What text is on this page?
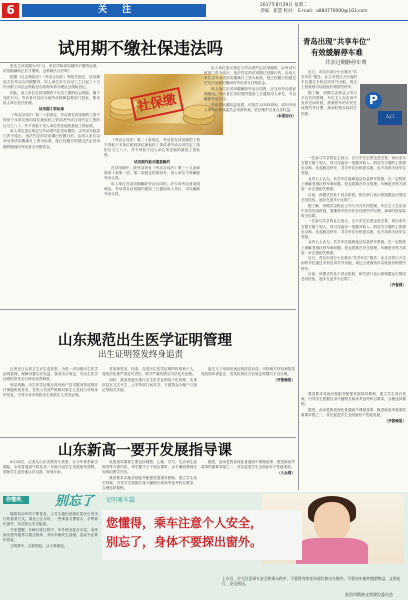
6	关 注	2017年8月29日 星期二
责编：崔慧 校对： E-mail：a884770000@163.com
试用期不缴社保违法吗
社保缴

张先生试用期为3个月，单位声称试用期内不缴纳社保，试用期满转正后才缴纳，这种做法合法吗？

根据《社会保险法》《劳动合同法》等相关规定，试用期包含在劳动合同期限内，用人单位应当自用工之日起三十日内为职工向社会保险经办机构申请办理社会保险登记。

因此，用人单位在试用期内不为员工缴纳社会保险，属于违法行为。劳动者可以向当地劳动保障监察部门投诉，要求用人单位依法补缴。

试用期工资标准

《劳动合同法》第二十条规定，劳动者在试用期的工资不得低于本单位相同岗位最低档工资或者劳动合同约定工资的百分之八十，并不得低于用人单位所在地的最低工资标准。

用人单位违反规定与劳动者约定试用期的，由劳动行政部门责令改正；违法约定的试用期已经履行的，由用人单位以劳动者试用期满月工资为标准，按已经履行的超过法定试用期的期间向劳动者支付赔偿金。

《劳动合同法》第二十条规定，劳动者在试用期的工资不得低于本单位相同岗位最低档工资或者劳动合同约定工资的百分之八十，并不得低于用人单位所在地的最低工资标准。

试用期内能否随意解约

在试用期中，除劳动者有《劳动合同法》第三十九条和第四十条第一项、第二项规定的情形外，用人单位不得解除劳动合同。

用人单位在试用期解除劳动合同的，应当向劳动者说明理由。劳动者在试用期内提前三日通知用人单位，可以解除劳动合同。

用人单位违反规定与劳动者约定试用期的，由劳动行政部门责令改正；违法约定的试用期已经履行的，由用人单位以劳动者试用期满月工资为标准，按已经履行的超过法定试用期的期间向劳动者支付赔偿金。

用人单位在试用期解除劳动合同的，应当向劳动者说明理由。劳动者在试用期内提前三日通知用人单位，可以解除劳动合同。

劳动者如遇权益受损，可拨打12333咨询，或向劳动人事争议仲裁委员会申请仲裁，依法维护自身合法权益。

（本报综合）

青岛出现“共享车位”
有效缓解停车难
共享过剩静停车费
P
入口

近日，青岛市部分小区推出“共享车位”服务，业主可将白天空闲的车位通过手机应用对外出租，周边上班族则可以较低价格预约停车。

据了解，该模式由物业公司与平台共同管理，车位主人在应用中发布空闲时段，需要停车的市民在线预约并付费，离场时按实际时长结算。

一位参与共享的业主表示，白天车位空着也是空着，拿出来共享既方便了别人，每月还能有一笔额外收入。附近写字楼的上班族也反映，比起路边停车，共享车位价格更实惠，也不用再为找车位发愁。

业内人士认为，共享车位能够盘活存量停车资源，在一定程度上缓解老城区停车难问题，但也需要在安全管理、车辆进出等方面进一步完善相关制度。

目前，该模式仍处于试点阶段，相关部门表示将根据运行情况总结经验，逐步在更多小区推广。

据了解，该模式由物业公司与平台共同管理，车位主人在应用中发布空闲时段，需要停车的市民在线预约并付费，离场时按实际时长结算。

一位参与共享的业主表示，白天车位空着也是空着，拿出来共享既方便了别人，每月还能有一笔额外收入。附近写字楼的上班族也反映，比起路边停车，共享车位价格更实惠，也不用再为找车位发愁。

业内人士认为，共享车位能够盘活存量停车资源，在一定程度上缓解老城区停车难问题，但也需要在安全管理、车辆进出等方面进一步完善相关制度。

近日，青岛市部分小区推出“共享车位”服务，业主可将白天空闲的车位通过手机应用对外出租，周边上班族则可以较低价格预约停车。

目前，该模式仍处于试点阶段，相关部门表示将根据运行情况总结经验，逐步在更多小区推广。

（齐鲁网）

山东规范出生医学证明管理
出生证明签发终身追责

记者近日从省卫生计生委获悉，为进一步加强出生医学证明管理，保障母婴合法权益，我省出台规定，对出生医学证明的签发实行终身追责制度。

规定明确，出生医学证明由具有助产技术服务资质的医疗保健机构签发，签发人员须严格核对新生儿及其父母的身份信息，不得为非本机构出生的新生儿签发证明。

对违规签发、伪造、变造出生医学证明的机构和个人，将依法依规严肃追究责任，情节严重的移交司法机关处理。

同时，我省将逐步推行出生医学证明电子化管理，实现信息在卫生计生、公安等部门间共享，方便群众办理户口登记等相关手续。

新生儿父母如发现证明信息有误，可持相关材料到原签发机构申请更正，签发机构应当在规定时限内予以办理。

（齐鲁晚报）

山东新高一要开发展指导课

8月28日，记者从山东省教育厅获悉，自今年秋季新学期起，全省普通高中将在高一年级开设学生发展指导课程，帮助学生更好地认识自我、规划未来。

发展指导课程主要包括理想、心理、学习、生活和生涯规划等方面内容，每学期不少于规定课时，由专兼职教师共同承担教学任务。

我省要求各地各校配齐配强发展指导教师，建立学生成长档案，引导学生根据自身兴趣特长和高考选考科目要求，合理选择课程。

据悉，此举是我省深化普通高中课程改革、推进新高考改革的重要举措之一，旨在促进学生全面而有个性地发展。

（大众网）

我省要求各地各校配齐配强发展指导教师，建立学生成长档案，引导学生根据自身兴趣特长和高考选考科目要求，合理选择课程。

据悉，此举是我省深化普通高中课程改革、推进新高考改革的重要举措之一，旨在促进学生全面而有个性地发展。

（齐鲁晚报）

你懂得， 别忘了 文明乘车篇

随着机动车的不断普及，公共交通仍是城市居民日常出行的重要方式。乘坐公交车时，一些乘客习惯将头、手臂伸出窗外，存在较大安全隐患。

专家提醒，车辆行驶过程中，车外情况复杂多变，身体探出窗外极易与路边物体、对向车辆发生刮碰，造成不必要的伤害。

文明乘车，从我做起，从小事做起。

您懂得，乘车注意个人安全，
别忘了，身体不要探出窗外。
上车后，应当注意乘车安全和乘车秩序，不要将身体任何部位伸出车窗外，不要向车窗外抛洒物品，文明出行，安全到达。
滨西市精神文明建设委员会
